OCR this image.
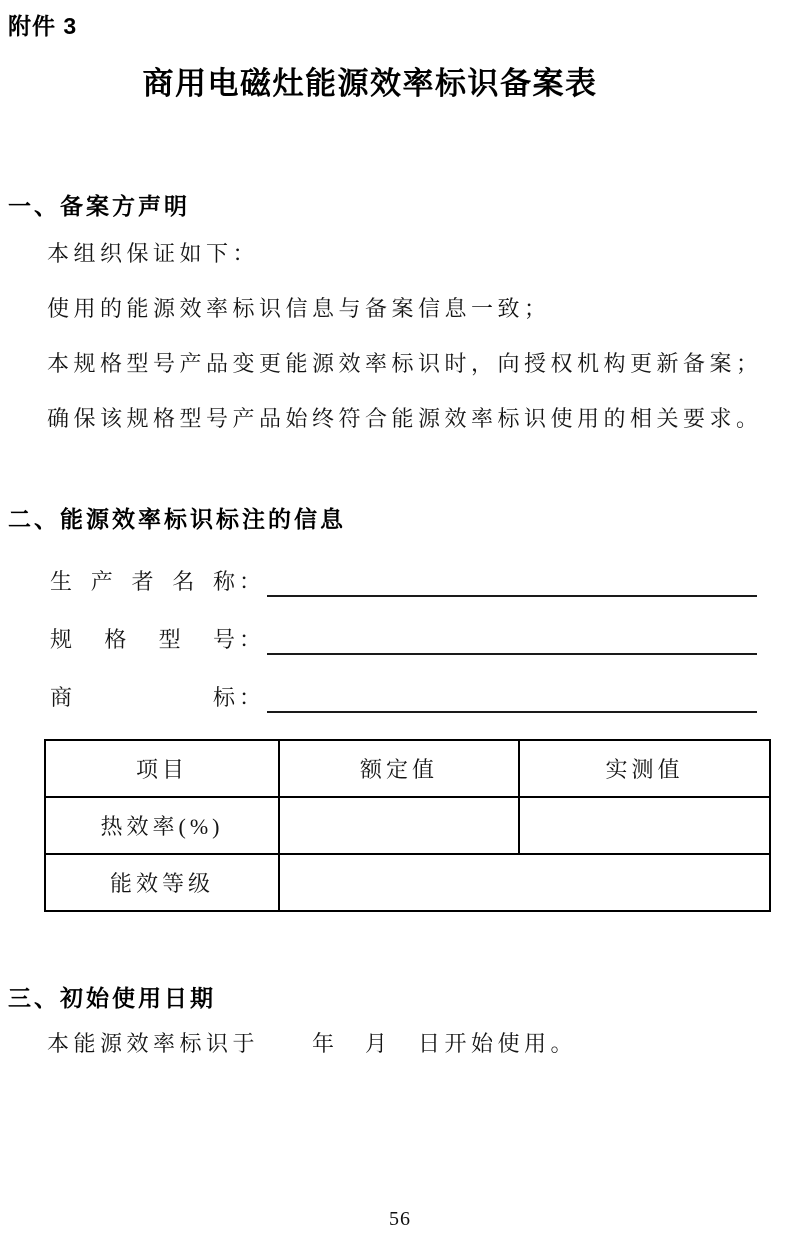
附件 3
商用电磁灶能源效率标识备案表
一、备案方声明
本组织保证如下：
使用的能源效率标识信息与备案信息一致；
本规格型号产品变更能源效率标识时，向授权机构更新备案；
确保该规格型号产品始终符合能源效率标识使用的相关要求。
二、能源效率标识标注的信息
生产者名称 ：
规格型号 ：
商标 ：
项目	额定值	实测值
热效率(%)		
能效等级		
三、初始使用日期
本能源效率标识于　　年　月　日开始使用。
56
